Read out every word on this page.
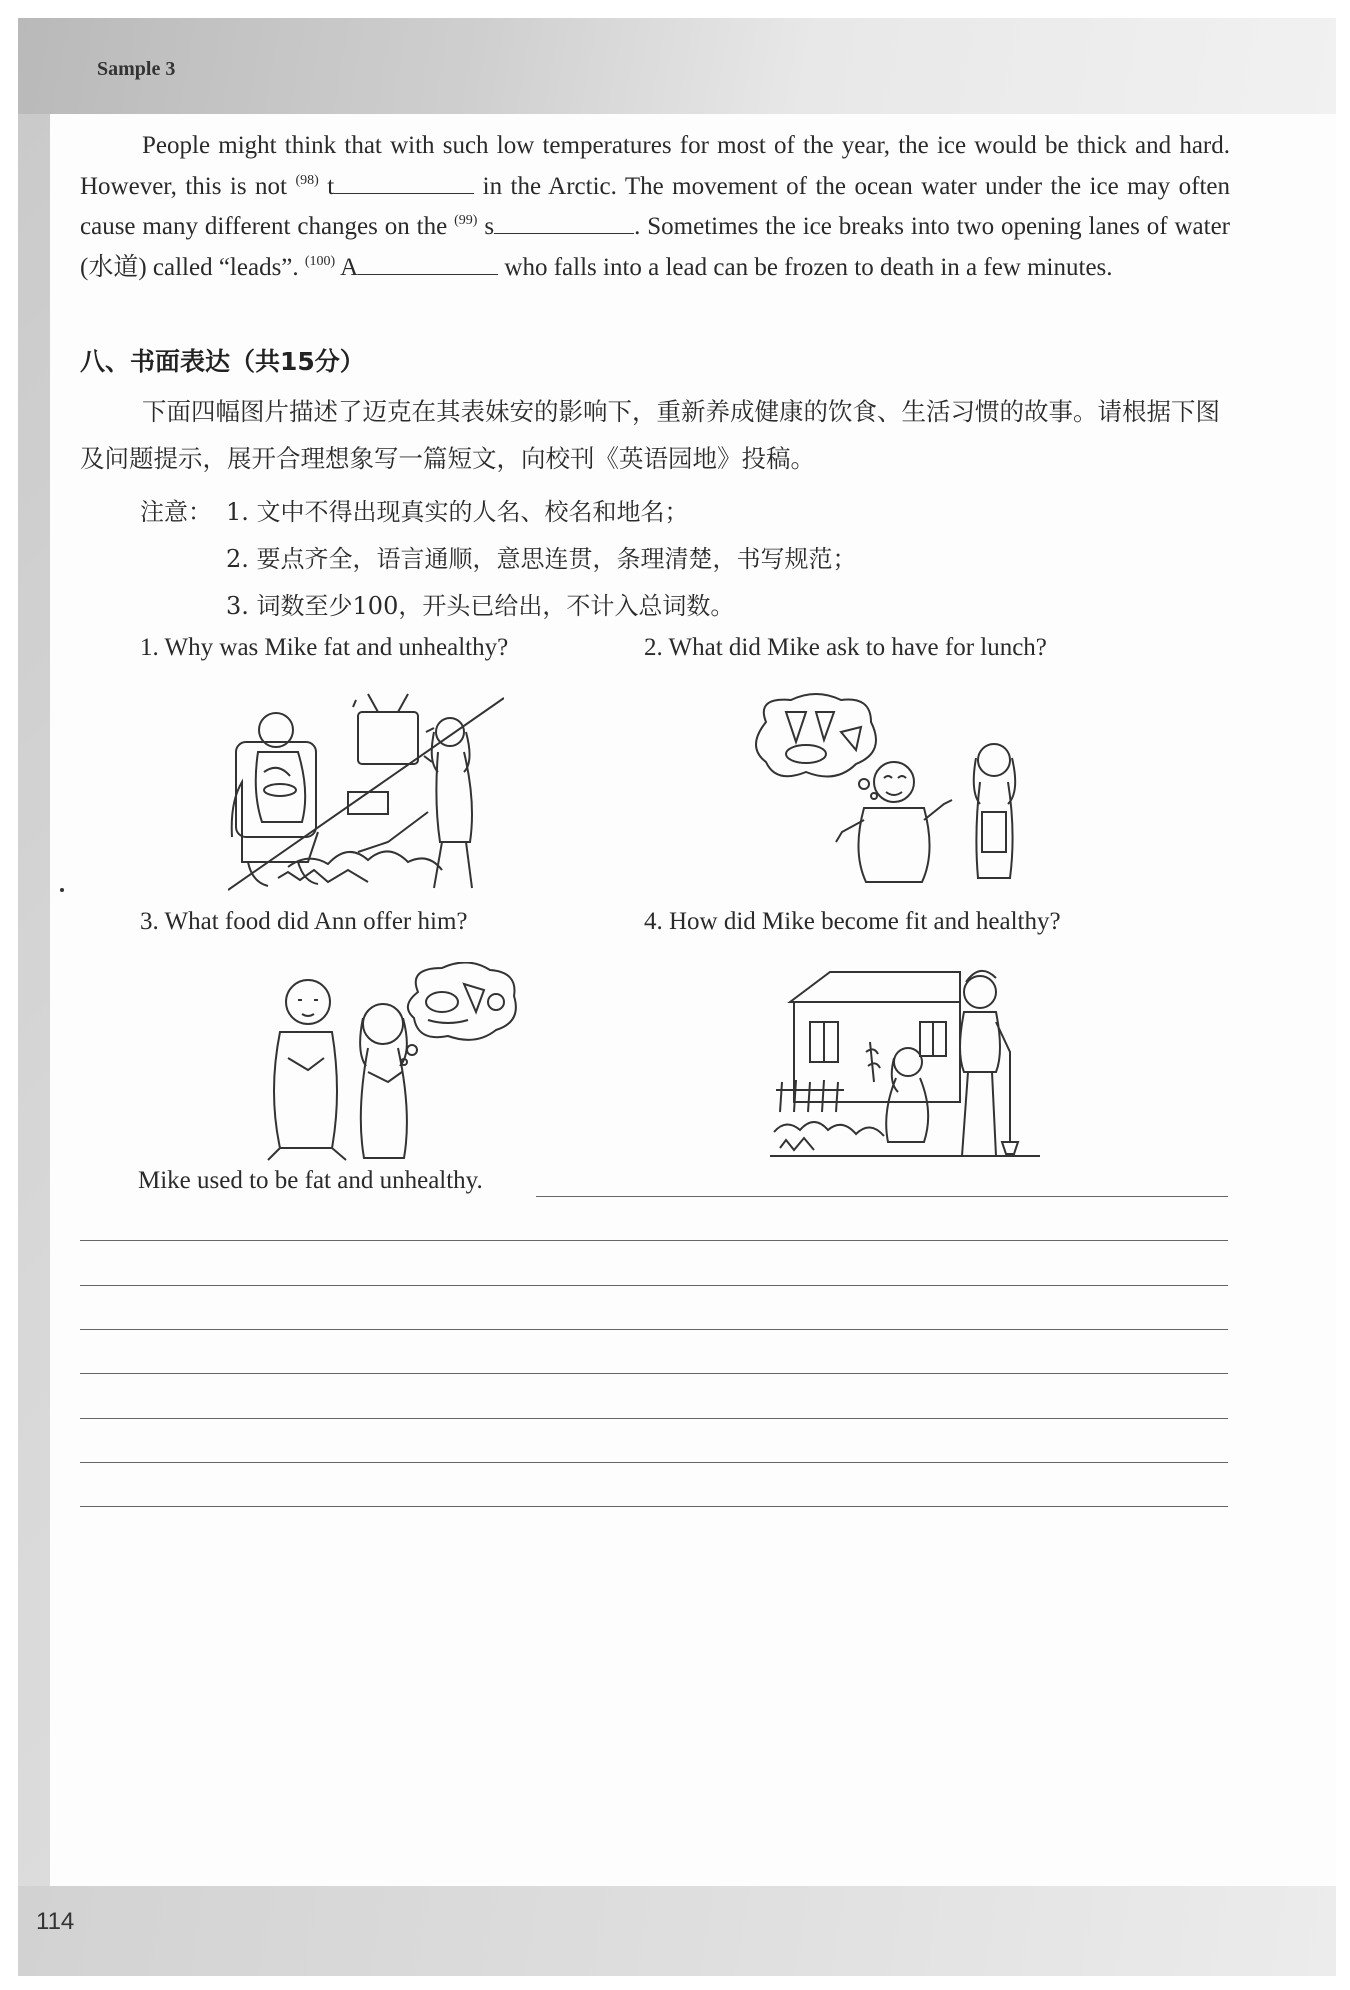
Sample 3
People might think that with such low temperatures for most of the year, the ice would be thick and hard. However, this is not $^{(98)}$ t	in the Arctic. The movement of the ocean water under the ice may often cause many different changes on the $^{(99)}$ s	. Sometimes the ice breaks into two opening lanes of water (水道) called “leads”. $^{(100)}$ A	who falls into a lead can be frozen to death in a few minutes.
八、书面表达（共15分）
下面四幅图片描述了迈克在其表妹安的影响下，重新养成健康的饮食、生活习惯的故事。请根据下图及问题提示，展开合理想象写一篇短文，向校刊《英语园地》投稿。
注意： 1. 文中不得出现真实的人名、校名和地名；
2. 要点齐全，语言通顺，意思连贯，条理清楚，书写规范；
3. 词数至少100，开头已给出，不计入总词数。
1. Why was Mike fat and unhealthy?	2. What did Mike ask to have for lunch?
3. What food did Ann offer him?	4. How did Mike become fit and healthy?
Mike used to be fat and unhealthy.
114
